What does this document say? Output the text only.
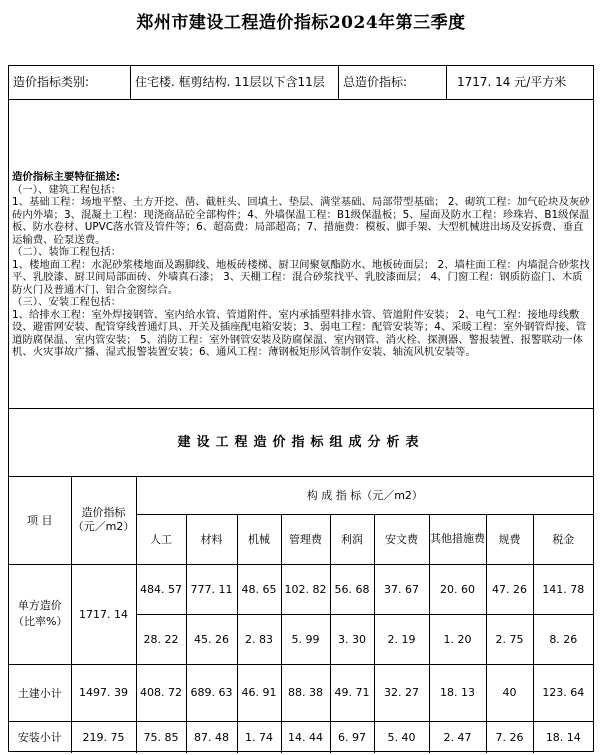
郑州市建设工程造价指标2024年第三季度
造价指标类别:	住宅楼. 框剪结构. 11层以下含11层	总造价指标:	1717. 14 元/平方米

造价指标主要特征描述:

（一）、建筑工程包括：

1、基础工程：场地平整、土方开挖、凿、截桩头、回填土、垫层、满堂基础、局部带型基础； 2、砌筑工程：加气砼块及灰砂砖内外墙；3、混凝土工程：现浇商品砼全部构件；4、外墙保温工程：B1级保温板；5、屋面及防水工程：珍珠岩、B1级保温板、防水卷材、UPVC落水管及管件等；6、超高费：局部超高；7、措施费：模板、脚手架、大型机械进出场及安拆费、垂直运输费、砼泵送费。

（二）、装饰工程包括：

1、楼地面工程：水泥砂浆楼地面及踢脚线、地板砖楼梯、厨卫间聚氨酯防水、地板砖面层； 2、墙柱面工程：内墙混合砂浆找平、乳胶漆、厨卫间局部面砖、外墙真石漆； 3、天棚工程：混合砂浆找平、乳胶漆面层； 4、门窗工程：钢质防盗门、木质防火门及普通木门、铝合金窗综合。

（三）、安装工程包括：

1、给排水工程：室外焊接钢管、室内给水管、管道附件、室内承插塑料排水管、管道附件安装； 2、电气工程：接地母线敷设、避雷网安装、配管穿线普通灯具、开关及插座配电箱安装；3、弱电工程：配管安装等；4、采暖工程：室外钢管焊接、管道防腐保温、室内管安装； 5、消防工程：室外钢管安装及防腐保温、室内钢管、消火栓、探测器、警报装置、报警联动一体机、火灾事故广播、湿式报警装置安装；6、通风工程：薄钢板矩形风管制作安装、轴流风机安装等。

建设工程造价指标组成分析表
项 目	造价指标（元／m2）	构 成 指 标（元／m2）								
		人工	材料	机械	管理费	利润	安文费	其他措施费	规费	税金
单方造价（比率%）	1717. 14	484. 57	777. 11	48. 65	102. 82	56. 68	37. 67	20. 60	47. 26	141. 78
		28. 22	45. 26	2. 83	5. 99	3. 30	2. 19	1. 20	2. 75	8. 26
土建小计	1497. 39	408. 72	689. 63	46. 91	88. 38	49. 71	32. 27	18. 13	40	123. 64
安装小计	219. 75	75. 85	87. 48	1. 74	14. 44	6. 97	5. 40	2. 47	7. 26	18. 14
